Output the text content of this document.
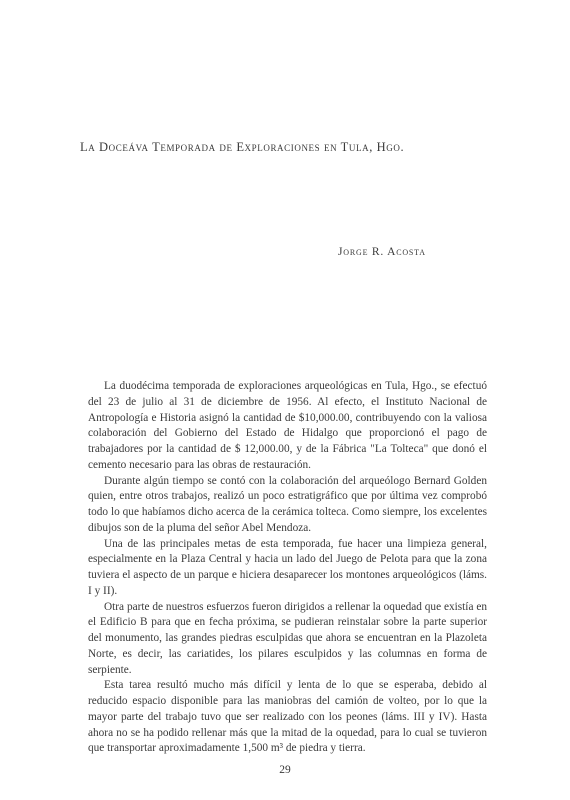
La Doceáva Temporada de Exploraciones en Tula, Hgo.
Jorge R. Acosta

La duodécima temporada de exploraciones arqueológicas en Tula, Hgo., se efectuó del 23 de julio al 31 de diciembre de 1956. Al efecto, el Instituto Nacional de Antropología e Historia asignó la cantidad de $10,000.00, contribuyendo con la valiosa colaboración del Gobierno del Estado de Hidalgo que proporcionó el pago de trabajadores por la cantidad de $ 12,000.00, y de la Fábrica "La Tolteca" que donó el cemento necesario para las obras de restauración.

Durante algún tiempo se contó con la colaboración del arqueólogo Bernard Golden quien, entre otros trabajos, realizó un poco estratigráfico que por última vez comprobó todo lo que habíamos dicho acerca de la cerámica tolteca. Como siempre, los excelentes dibujos son de la pluma del señor Abel Mendoza.

Una de las principales metas de esta temporada, fue hacer una limpieza general, especialmente en la Plaza Central y hacia un lado del Juego de Pelota para que la zona tuviera el aspecto de un parque e hiciera desaparecer los montones arqueológicos (láms. I y II).

Otra parte de nuestros esfuerzos fueron dirigidos a rellenar la oquedad que existía en el Edificio B para que en fecha próxima, se pudieran reinstalar sobre la parte superior del monumento, las grandes piedras esculpidas que ahora se encuentran en la Plazoleta Norte, es decir, las cariatides, los pilares esculpidos y las columnas en forma de serpiente.

Esta tarea resultó mucho más difícil y lenta de lo que se esperaba, debido al reducido espacio disponible para las maniobras del camión de volteo, por lo que la mayor parte del trabajo tuvo que ser realizado con los peones (láms. III y IV). Hasta ahora no se ha podido rellenar más que la mitad de la oquedad, para lo cual se tuvieron que transportar aproximadamente 1,500 m³ de piedra y tierra.

29
